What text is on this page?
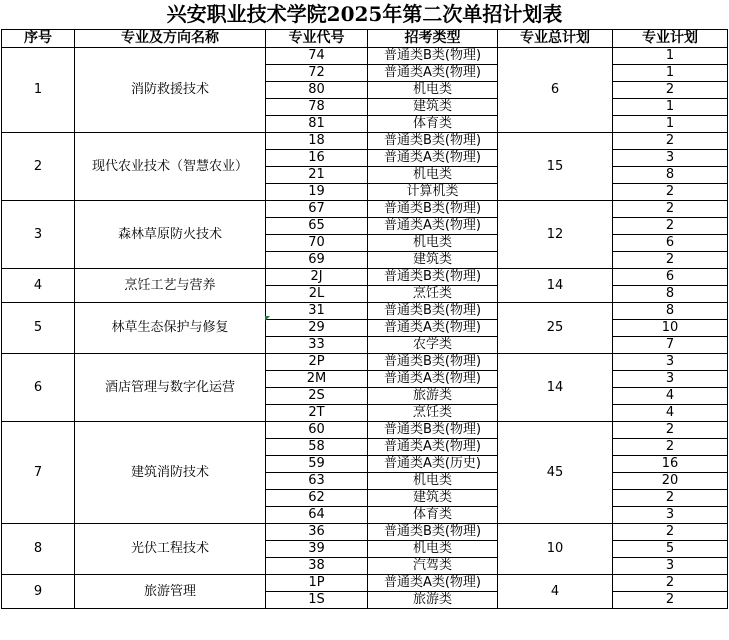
兴安职业技术学院2025年第二次单招计划表
序号	专业及方向名称	专业代号	招考类型	专业总计划	专业计划
1	消防救援技术	74	普通类B类(物理)	6	1
		72	普通类A类(物理)		1
		80	机电类		2
		78	建筑类		1
		81	体育类		1
2	现代农业技术（智慧农业）	18	普通类B类(物理)	15	2
		16	普通类A类(物理)		3
		21	机电类		8
		19	计算机类		2
3	森林草原防火技术	67	普通类B类(物理)	12	2
		65	普通类A类(物理)		2
		70	机电类		6
		69	建筑类		2
4	烹饪工艺与营养	2J	普通类B类(物理)	14	6
		2L	烹饪类		8
5	林草生态保护与修复	31	普通类B类(物理)	25	8
		29	普通类A类(物理)		10
		33	农学类		7
6	酒店管理与数字化运营	2P	普通类B类(物理)	14	3
		2M	普通类A类(物理)		3
		2S	旅游类		4
		2T	烹饪类		4
7	建筑消防技术	60	普通类B类(物理)	45	2
		58	普通类A类(物理)		2
		59	普通类A类(历史)		16
		63	机电类		20
		62	建筑类		2
		64	体育类		3
8	光伏工程技术	36	普通类B类(物理)	10	2
		39	机电类		5
		38	汽驾类		3
9	旅游管理	1P	普通类A类(物理)	4	2
		1S	旅游类		2
